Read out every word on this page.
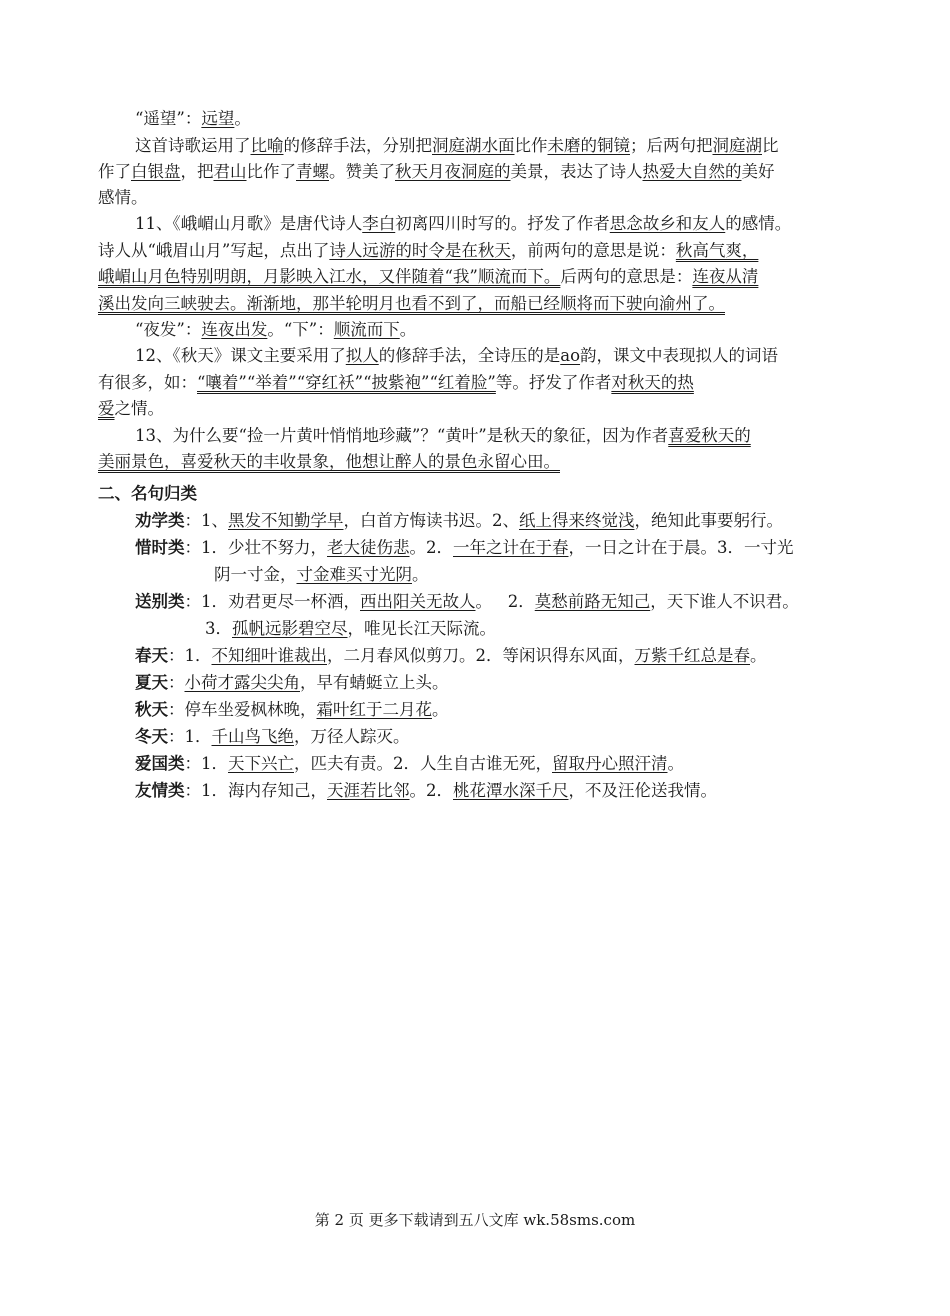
“遥望”：远望。
这首诗歌运用了比喻的修辞手法，分别把洞庭湖水面比作未磨的铜镜；后两句把洞庭湖比
作了白银盘，把君山比作了青螺。赞美了秋天月夜洞庭的美景，表达了诗人热爱大自然的美好
感情。
11、《峨嵋山月歌》是唐代诗人李白初离四川时写的。抒发了作者思念故乡和友人的感情。
诗人从“峨眉山月”写起，点出了诗人远游的时令是在秋天，前两句的意思是说：秋高气爽，
峨嵋山月色特别明朗，月影映入江水，又伴随着“我”顺流而下。后两句的意思是：连夜从清
溪出发向三峡驶去。渐渐地，那半轮明月也看不到了，而船已经顺将而下驶向渝州了。
“夜发”：连夜出发。“下”：顺流而下。
12、《秋天》课文主要采用了拟人的修辞手法，全诗压的是ao韵，课文中表现拟人的词语
有很多，如：“嚷着”“举着”“穿红袄”“披紫袍”“红着脸”等。抒发了作者对秋天的热
爱之情。
13、为什么要“捡一片黄叶悄悄地珍藏”？“黄叶”是秋天的象征，因为作者喜爱秋天的
美丽景色，喜爱秋天的丰收景象，他想让醉人的景色永留心田。
二、名句归类
劝学类：1、黑发不知勤学早，白首方悔读书迟。2、纸上得来终觉浅，绝知此事要躬行。
惜时类：1．少壮不努力，老大徒伤悲。2．一年之计在于春，一日之计在于晨。3．一寸光
阴一寸金，寸金难买寸光阴。
送别类：1．劝君更尽一杯酒，西出阳关无故人。   2．莫愁前路无知己，天下谁人不识君。
3．孤帆远影碧空尽，唯见长江天际流。
春天：1．不知细叶谁裁出，二月春风似剪刀。2．等闲识得东风面，万紫千红总是春。
夏天：小荷才露尖尖角，早有蜻蜓立上头。
秋天：停车坐爱枫林晚，霜叶红于二月花。
冬天：1．千山鸟飞绝，万径人踪灭。
爱国类：1．天下兴亡，匹夫有责。2．人生自古谁无死，留取丹心照汗清。
友情类：1．海内存知己，天涯若比邻。2．桃花潭水深千尺，不及汪伦送我情。
第 2 页 更多下载请到五八文库 wk.58sms.com
